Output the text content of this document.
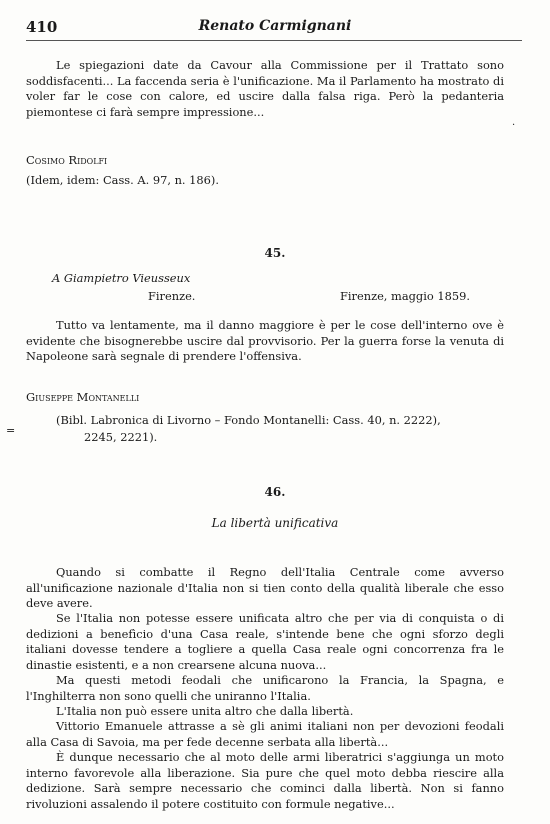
410	Renato Carmignani

Le spiegazioni date da Cavour alla Commissione per il Trattato sono soddisfacenti... La faccenda seria è l'unificazione. Ma il Parlamento ha mostrato di voler far le cose con calore, ed uscire dalla falsa riga. Però la pedanteria piemontese ci farà sempre impressione...

.
Cosimo Ridolfi
(Idem, idem: Cass. A. 97, n. 186).
45.
A Giampietro Vieusseux
Firenze.	Firenze, maggio 1859.

Tutto va lentamente, ma il danno maggiore è per le cose dell'interno ove è evidente che bisognerebbe uscire dal provvisorio. Per la guerra forse la venuta di Napoleone sarà segnale di prendere l'offensiva.

Giuseppe Montanelli
=
(Bibl. Labronica di Livorno – Fondo Montanelli: Cass. 40, n. 2222),
2245, 2221).
46.
La libertà unificativa

Quando si combatte il Regno dell'Italia Centrale come avverso all'unificazione nazionale d'Italia non si tien conto della qualità liberale che esso deve avere.

Se l'Italia non potesse essere unificata altro che per via di conquista o di dedizioni a benefìcio d'una Casa reale, s'intende bene che ogni sforzo degli italiani dovesse tendere a togliere a quella Casa reale ogni concorrenza fra le dinastie esistenti, e a non crearsene alcuna nuova...

Ma questi metodi feodali che unificarono la Francia, la Spagna, e l'Inghilterra non sono quelli che uniranno l'Italia.

L'Italia non può essere unita altro che dalla libertà.

Vittorio Emanuele attrasse a sè gli animi italiani non per devozioni feodali alla Casa di Savoia, ma per fede decenne serbata alla libertà...

È dunque necessario che al moto delle armi liberatrici s'aggiunga un moto interno favorevole alla liberazione. Sia pure che quel moto debba riescire alla dedizione. Sarà sempre necessario che cominci dalla libertà. Non si fanno rivoluzioni assalendo il potere costituito con formule negative...
